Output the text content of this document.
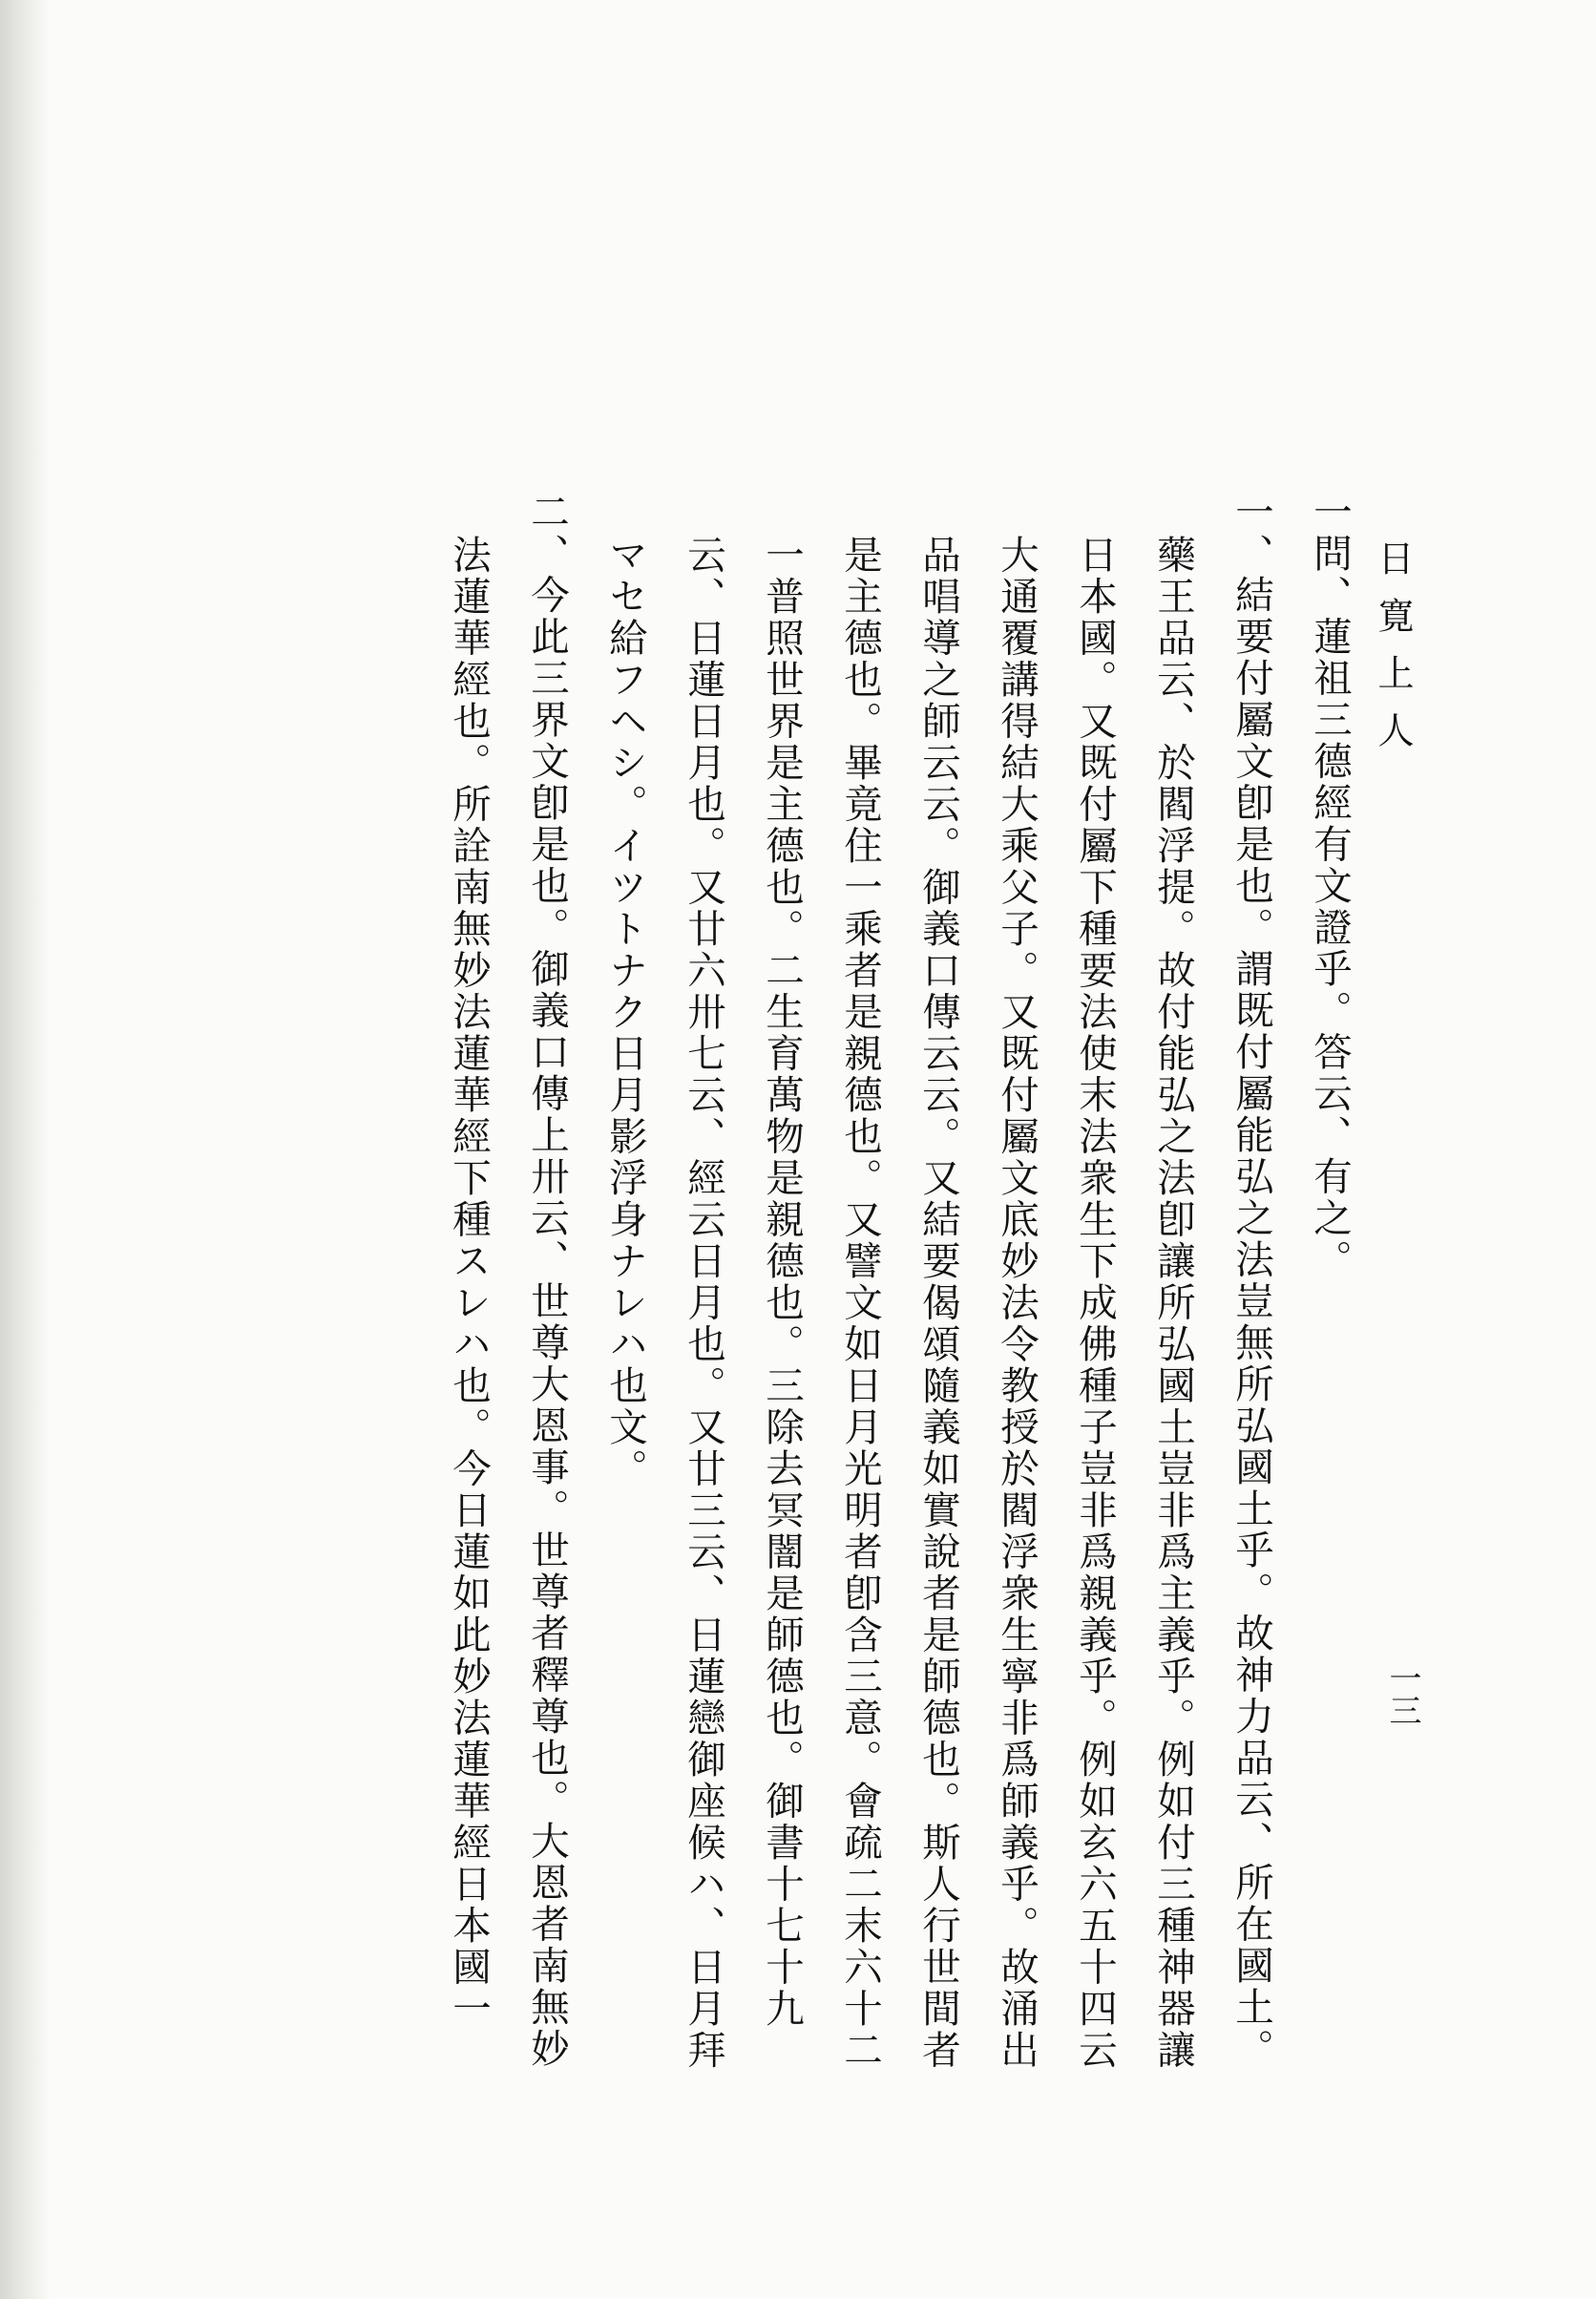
日寛上人
一三

一問、蓮祖三德經有文證乎。答云、有之。

一、結要付屬文卽是也。謂既付屬能弘之法豈無所弘國土乎。故神力品云、所在國土。藥王品云、於閻浮提。故付能弘之法卽讓所弘國土豈非爲主義乎。例如付三種神器讓日本國。又既付屬下種要法使末法衆生下成佛種子豈非爲親義乎。例如玄六五十四云大通覆講得結大乘父子。又既付屬文底妙法令教授於閻浮衆生寧非爲師義乎。故涌出品唱導之師云云。御義口傳云云。又結要偈頌隨義如實說者是師德也。斯人行世間者是主德也。畢竟住一乘者是親德也。又譬文如日月光明者卽含三意。會疏二末六十二一普照世界是主德也。二生育萬物是親德也。三除去冥闇是師德也。御書十七十九云、日蓮日月也。又廿六卅七云、經云日月也。又廿三云、日蓮戀御座候ハ、日月拜マセ給フヘシ。イツトナク日月影浮身ナレハ也文。

二、今此三界文卽是也。御義口傳上卅云、世尊大恩事。世尊者釋尊也。大恩者南無妙法蓮華經也。所詮南無妙法蓮華經下種スレハ也。今日蓮如此妙法蓮華經日本國一
